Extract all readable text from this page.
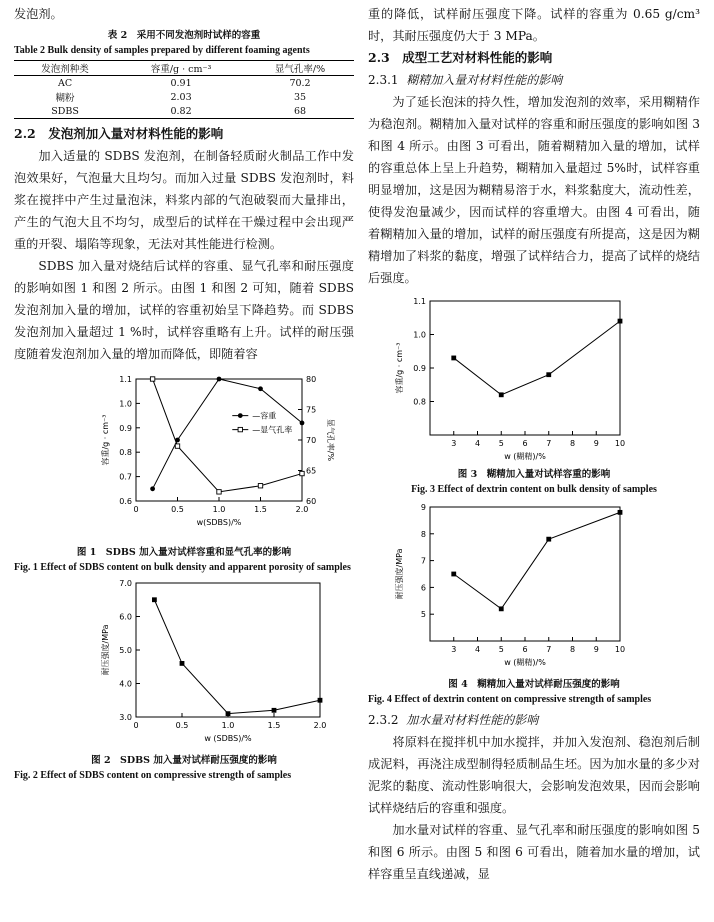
发泡剂。

表 2　采用不同发泡剂时试样的容重

Table 2 Bulk density of samples prepared by different foaming agents

发泡剂种类	容重/g · cm⁻³	显气孔率/%
AC	0.91	70.2
糊粉	2.03	35
SDBS	0.82	68

2.2　发泡剂加入量对材料性能的影响

加入适量的 SDBS 发泡剂，在制备轻质耐火制品工作中发泡效果好，气泡量大且均匀。而加入过量 SDBS 发泡剂时，料浆在搅拌中产生过量泡沫，料浆内部的气泡破裂而大量排出，产生的气泡大且不均匀，成型后的试样在干燥过程中会出现严重的开裂、塌陷等现象，无法对其性能进行检测。

SDBS 加入量对烧结后试样的容重、显气孔率和耐压强度的影响如图 1 和图 2 所示。由图 1 和图 2 可知，随着 SDBS 发泡剂加入量的增加，试样的容重初始呈下降趋势。而 SDBS 发泡剂加入量超过 1 %时，试样容重略有上升。试样的耐压强度随着发泡剂加入量的增加而降低，即随着容

0	0.5	1.0	1.5	2.0
0.6
0.7
0.8
0.9
1.0
1.1
60
65
70
75
80
显气孔率/%
w(SDBS)/%
容重/g · cm⁻³	—容重
—显气孔率

图 1　SDBS 加入量对试样容重和显气孔率的影响

Fig. 1 Effect of SDBS content on bulk density and apparent porosity of samples

0	0.5	1.0	1.5	2.0
3.0
4.0
5.0
6.0
7.0
w (SDBS)/%
耐压强度/MPa

图 2　SDBS 加入量对试样耐压强度的影响

Fig. 2 Effect of SDBS content on compressive strength of samples

重的降低，试样耐压强度下降。试样的容重为 0.65 g/cm³ 时，其耐压强度仍大于 3 MPa。

2.3　成型工艺对材料性能的影响

2.3.1 糊精加入量对材料性能的影响

为了延长泡沫的持久性，增加发泡剂的效率，采用糊精作为稳泡剂。糊精加入量对试样的容重和耐压强度的影响如图 3 和图 4 所示。由图 3 可看出，随着糊精加入量的增加，试样的容重总体上呈上升趋势，糊精加入量超过 5%时，试样容重明显增加，这是因为糊精易溶于水，料浆黏度大，流动性差，使得发泡量减少，因而试样的容重增大。由图 4 可看出，随着糊精加入量的增加，试样的耐压强度有所提高，这是因为糊精增加了料浆的黏度，增强了试样结合力，提高了试样的烧结后强度。

3 4 5 6 7 8 9 10
0.8
0.9
1.0
1.1
w (糊精)/%
容重/g · cm⁻³

图 3　糊精加入量对试样容重的影响

Fig. 3 Effect of dextrin content on bulk density of samples

3 4 5 6 7 8 9 10
5
6
7
8
9
w (糊精)/%
耐压强度/MPa

图 4　糊精加入量对试样耐压强度的影响

Fig. 4 Effect of dextrin content on compressive strength of samples

2.3.2 加水量对材料性能的影响

将原料在搅拌机中加水搅拌，并加入发泡剂、稳泡剂后制成泥料，再浇注成型制得轻质制品生坯。因为加水量的多少对泥浆的黏度、流动性影响很大，会影响发泡效果，因而会影响试样烧结后的容重和强度。

加水量对试样的容重、显气孔率和耐压强度的影响如图 5 和图 6 所示。由图 5 和图 6 可看出，随着加水量的增加，试样容重呈直线递减，显
